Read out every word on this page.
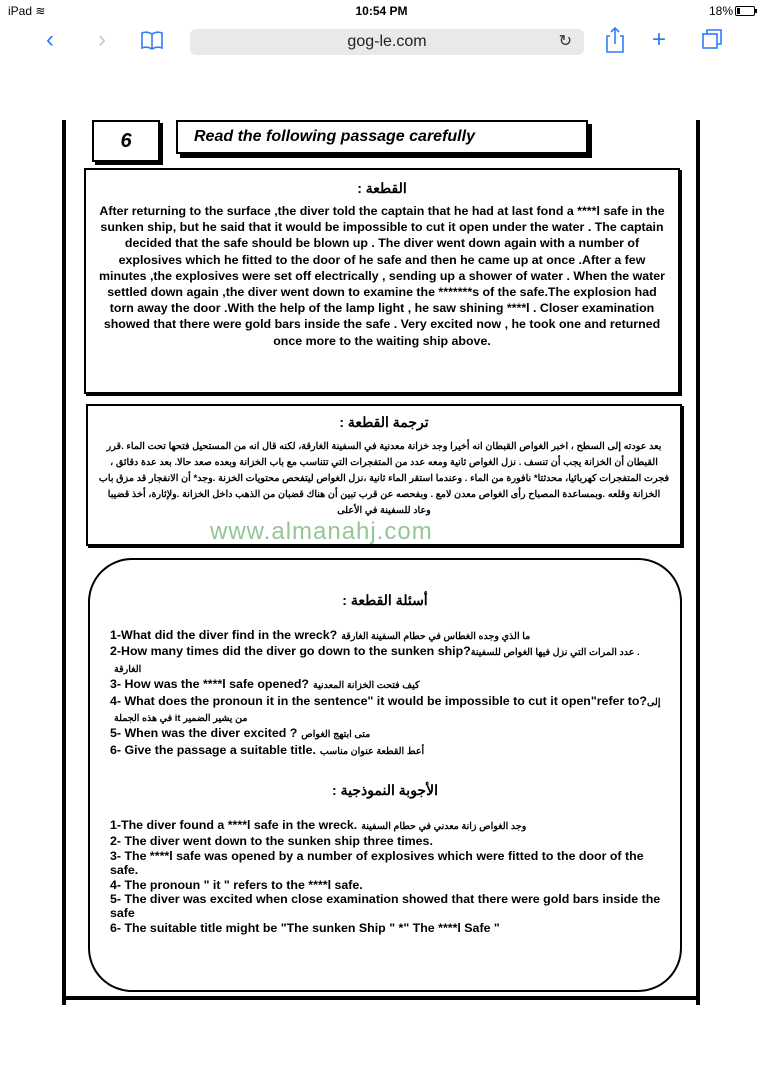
iPad ≋	10:54 PM	18%
‹ ›	gog-le.com	↻	+
6	Read the following passage carefully
القطعة :
After returning to the surface ,the diver told the captain that he had at last fond a ****l safe in the sunken ship, but he said that it would be impossible to cut it open under the water . The captain decided that the safe should be blown up . The diver went down again with a number of explosives which he fitted to the door of he safe and then he came up at once .After a few minutes ,the explosives were set off electrically , sending up a shower of water . When the water settled down again ,the diver went down to examine the *******s of the safe.The explosion had torn away the door .With the help of the lamp light , he saw shining ****l . Closer examination showed that there were gold bars inside the safe . Very excited now , he took one and returned once more to the waiting ship above.
ترجمة القطعة :
بعد عودته إلى السطح ، اخبر الغواص القبطان انه أخيرا وجد خزانة معدنية في السفينة الغارقة، لكنه قال انه من المستحيل فتحها تحت الماء .قرر القبطان أن الخزانة يجب أن تنسف . نزل الغواص ثانية ومعه عدد من المتفجرات التي تتناسب مع باب الخزانة وبعده صعد حالا. بعد عدة دقائق ، فجرت المتفجرات كهربائيا، محدثتا* نافورة من الماء . وعندما استقر الماء ثانية ،نزل الغواص ليتفحص محتويات الخزنة .وجد* أن الانفجار قد مزق باب الخزانة وقلعه .وبمساعدة المصباح رأى الغواص معدن لامع . وبفحصه عن قرب تبين أن هناك قضبان من الذهب داخل الخزانة .ولإثارة، أخذ قضيبا وعاد للسفينة في الأعلى
www.almanahj.com
أسئلة القطعة :

1-What did the diver find in the wreck? ما الذي وجده الغطاس في حطام السفينة الغارقة

2-How many times did the diver go down to the sunken ship?. عدد المرات التي نزل فيها الغواص للسفينة الغارقة

3- How was the ****l safe opened? كيف فتحت الخزانة المعدنية

4- What does the pronoun it in the sentence" it would be impossible to cut it open"refer to?إلى من يشير الضمير it في هذه الجملة

5- When was the diver excited ? متى ابتهج الغواص

6- Give the passage a suitable title. أعط القطعة عنوان مناسب

الأجوبة النموذجية :

1-The diver found a ****l safe in the wreck. وجد الغواص زانة معدني في حطام السفينة

2- The diver went down to the sunken ship three times.

3- The ****l safe was opened by a number of explosives which were fitted to the door of the safe.

4- The pronoun " it " refers to the ****l safe.

5- The diver was excited when close examination showed that there were gold bars inside the safe

6- The suitable title might be "The sunken Ship " *" The ****l Safe "
